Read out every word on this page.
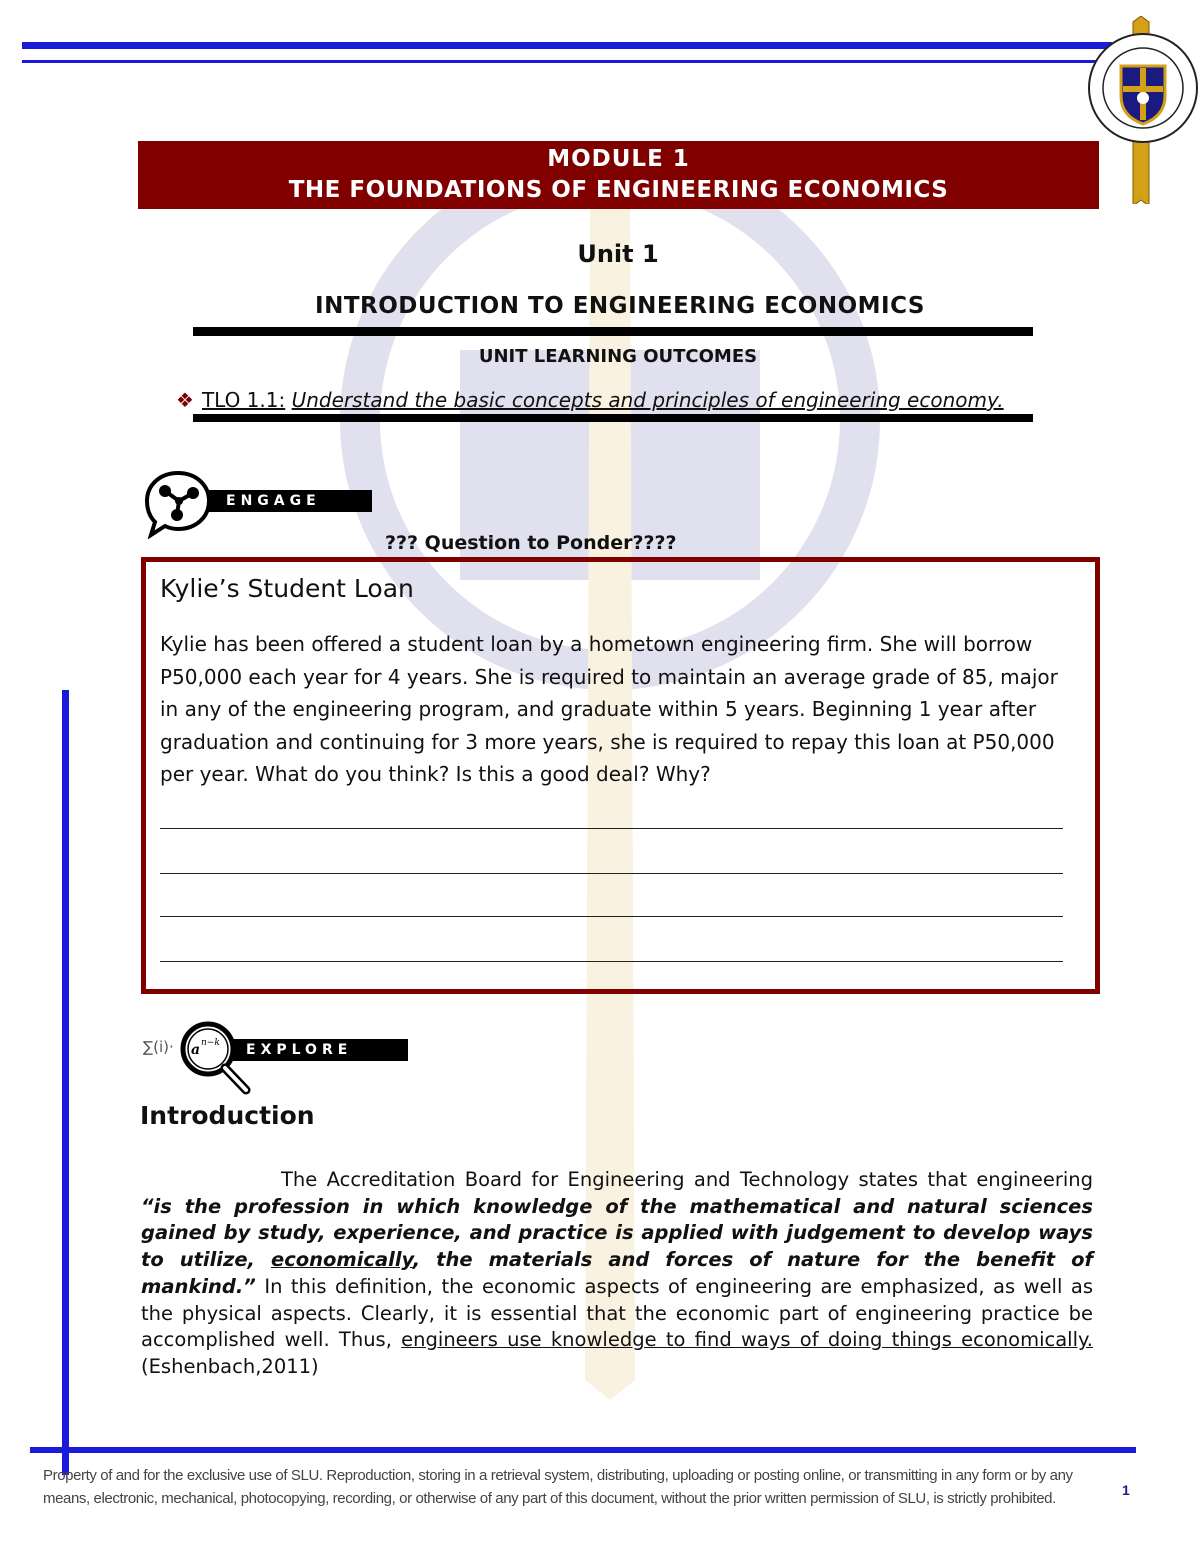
MODULE 1
THE FOUNDATIONS OF ENGINEERING ECONOMICS
Unit 1
INTRODUCTION TO ENGINEERING ECONOMICS
UNIT LEARNING OUTCOMES
❖ TLO 1.1: Understand the basic concepts and principles of engineering economy.
ENGAGE
??? Question to Ponder????
Kylie’s Student Loan
Kylie has been offered a student loan by a hometown engineering firm. She will borrow P50,000 each year for 4 years. She is required to maintain an average grade of 85, major in any of the engineering program, and graduate within 5 years. Beginning 1 year after graduation and continuing for 3 more years, she is required to repay this loan at P50,000 per year. What do you think? Is this a good deal? Why?
∑(i)·	EXPLORE
a n−k
Introduction
The Accreditation Board for Engineering and Technology states that engineering “is the profession in which knowledge of the mathematical and natural sciences gained by study, experience, and practice is applied with judgement to develop ways to utilize, economically, the materials and forces of nature for the benefit of mankind.” In this definition, the economic aspects of engineering are emphasized, as well as the physical aspects. Clearly, it is essential that the economic part of engineering practice be accomplished well. Thus, engineers use knowledge to find ways of doing things economically. (Eshenbach,2011)
Property of and for the exclusive use of SLU. Reproduction, storing in a retrieval system, distributing, uploading or posting online, or transmitting in any form or by any means, electronic, mechanical, photocopying, recording, or otherwise of any part of this document, without the prior written permission of SLU, is strictly prohibited.	1
